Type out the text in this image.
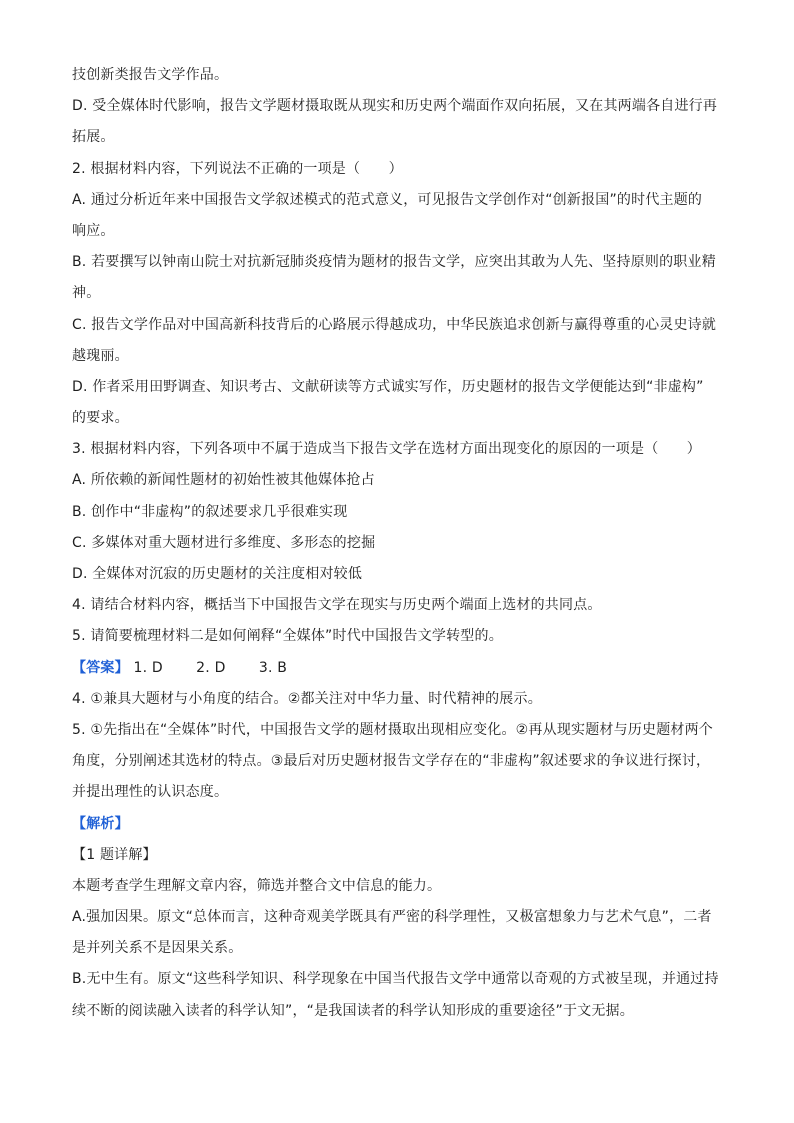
技创新类报告文学作品。
D. 受全媒体时代影响，报告文学题材摄取既从现实和历史两个端面作双向拓展，又在其两端各自进行再
拓展。
2. 根据材料内容，下列说法不正确的一项是（　　）
A. 通过分析近年来中国报告文学叙述模式的范式意义，可见报告文学创作对“创新报国”的时代主题的
响应。
B. 若要撰写以钟南山院士对抗新冠肺炎疫情为题材的报告文学，应突出其敢为人先、坚持原则的职业精
神。
C. 报告文学作品对中国高新科技背后的心路展示得越成功，中华民族追求创新与赢得尊重的心灵史诗就
越瑰丽。
D. 作者采用田野调查、知识考古、文献研读等方式诚实写作，历史题材的报告文学便能达到“非虚构”
的要求。
3. 根据材料内容，下列各项中不属于造成当下报告文学在选材方面出现变化的原因的一项是（　　）
A. 所依赖的新闻性题材的初始性被其他媒体抢占
B. 创作中“非虚构”的叙述要求几乎很难实现
C. 多媒体对重大题材进行多维度、多形态的挖掘
D. 全媒体对沉寂的历史题材的关注度相对较低
4. 请结合材料内容，概括当下中国报告文学在现实与历史两个端面上选材的共同点。
5. 请简要梳理材料二是如何阐释“全媒体”时代中国报告文学转型的。
【答案】 1. D 2. D 3. B
4. ①兼具大题材与小角度的结合。②都关注对中华力量、时代精神的展示。
5. ①先指出在“全媒体”时代，中国报告文学的题材摄取出现相应变化。②再从现实题材与历史题材两个
角度，分别阐述其选材的特点。③最后对历史题材报告文学存在的“非虚构”叙述要求的争议进行探讨，
并提出理性的认识态度。
【解析】
【1 题详解】
本题考查学生理解文章内容，筛选并整合文中信息的能力。
A.强加因果。原文“总体而言，这种奇观美学既具有严密的科学理性，又极富想象力与艺术气息”，二者
是并列关系不是因果关系。
B.无中生有。原文“这些科学知识、科学现象在中国当代报告文学中通常以奇观的方式被呈现，并通过持
续不断的阅读融入读者的科学认知”，“是我国读者的科学认知形成的重要途径”于文无据。
